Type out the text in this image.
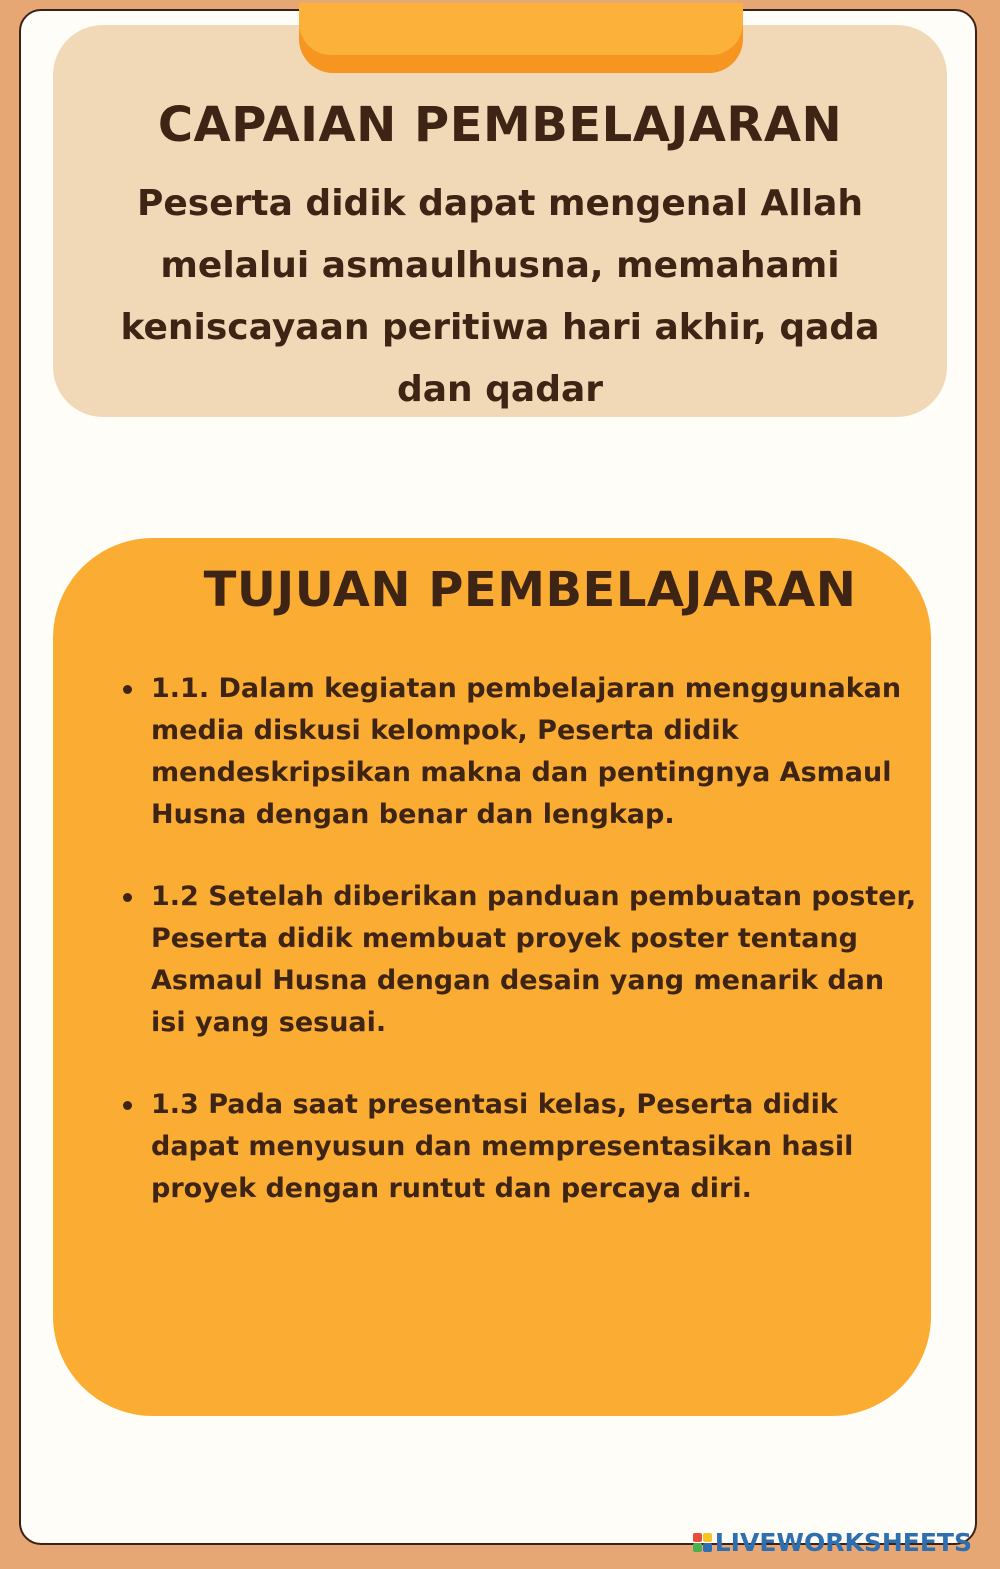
CAPAIAN PEMBELAJARAN

Peserta didik dapat mengenal Allah melalui asmaulhusna, memahami keniscayaan peritiwa hari akhir, qada dan qadar

TUJUAN PEMBELAJARAN
1.1. Dalam kegiatan pembelajaran menggunakan media diskusi kelompok, Peserta didik mendeskripsikan makna dan pentingnya Asmaul Husna dengan benar dan lengkap.
1.2 Setelah diberikan panduan pembuatan poster, Peserta didik membuat proyek poster tentang Asmaul Husna dengan desain yang menarik dan isi yang sesuai.
1.3 Pada saat presentasi kelas, Peserta didik dapat menyusun dan mempresentasikan hasil proyek dengan runtut dan percaya diri.
LIVEWORKSHEETS
